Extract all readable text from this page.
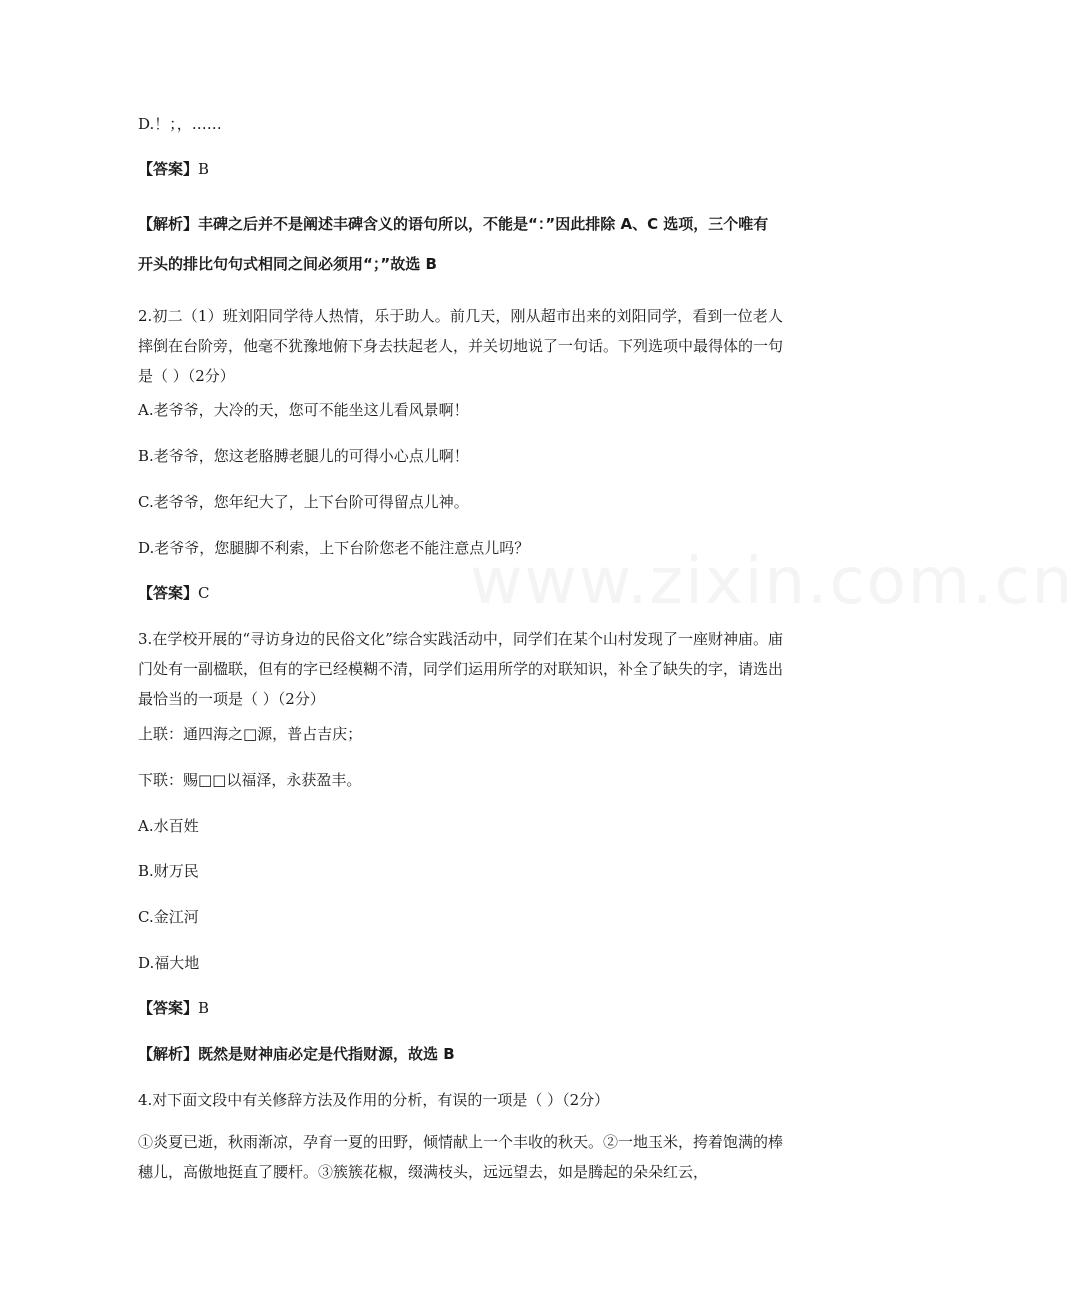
www.zixin.com.cn
D.！；，……
【答案】B
【解析】丰碑之后并不是阐述丰碑含义的语句所以，不能是“：”因此排除 A、C 选项，三个唯有开头的排比句句式相同之间必须用“；”故选 B
2.初二（1）班刘阳同学待人热情，乐于助人。前几天，刚从超市出来的刘阳同学，看到一位老人摔倒在台阶旁，他毫不犹豫地俯下身去扶起老人，并关切地说了一句话。下列选项中最得体的一句是（ ）（2分）
A.老爷爷，大冷的天，您可不能坐这儿看风景啊！
B.老爷爷，您这老胳膊老腿儿的可得小心点儿啊！
C.老爷爷，您年纪大了，上下台阶可得留点儿神。
D.老爷爷，您腿脚不利索，上下台阶您老不能注意点儿吗？
【答案】C
3.在学校开展的“寻访身边的民俗文化”综合实践活动中，同学们在某个山村发现了一座财神庙。庙门处有一副楹联，但有的字已经模糊不清，同学们运用所学的对联知识，补全了缺失的字，请选出最恰当的一项是（ ）（2分）
上联：通四海之□源，普占吉庆；
下联：赐□□以福泽，永获盈丰。
A.水百姓
B.财万民
C.金江河
D.福大地
【答案】B
【解析】既然是财神庙必定是代指财源，故选 B
4.对下面文段中有关修辞方法及作用的分析，有误的一项是（ ）（2分）
①炎夏已逝，秋雨渐凉，孕育一夏的田野，倾情献上一个丰收的秋天。②一地玉米，挎着饱满的棒穗儿，高傲地挺直了腰杆。③簇簇花椒，缀满枝头，远远望去，如是腾起的朵朵红云，
